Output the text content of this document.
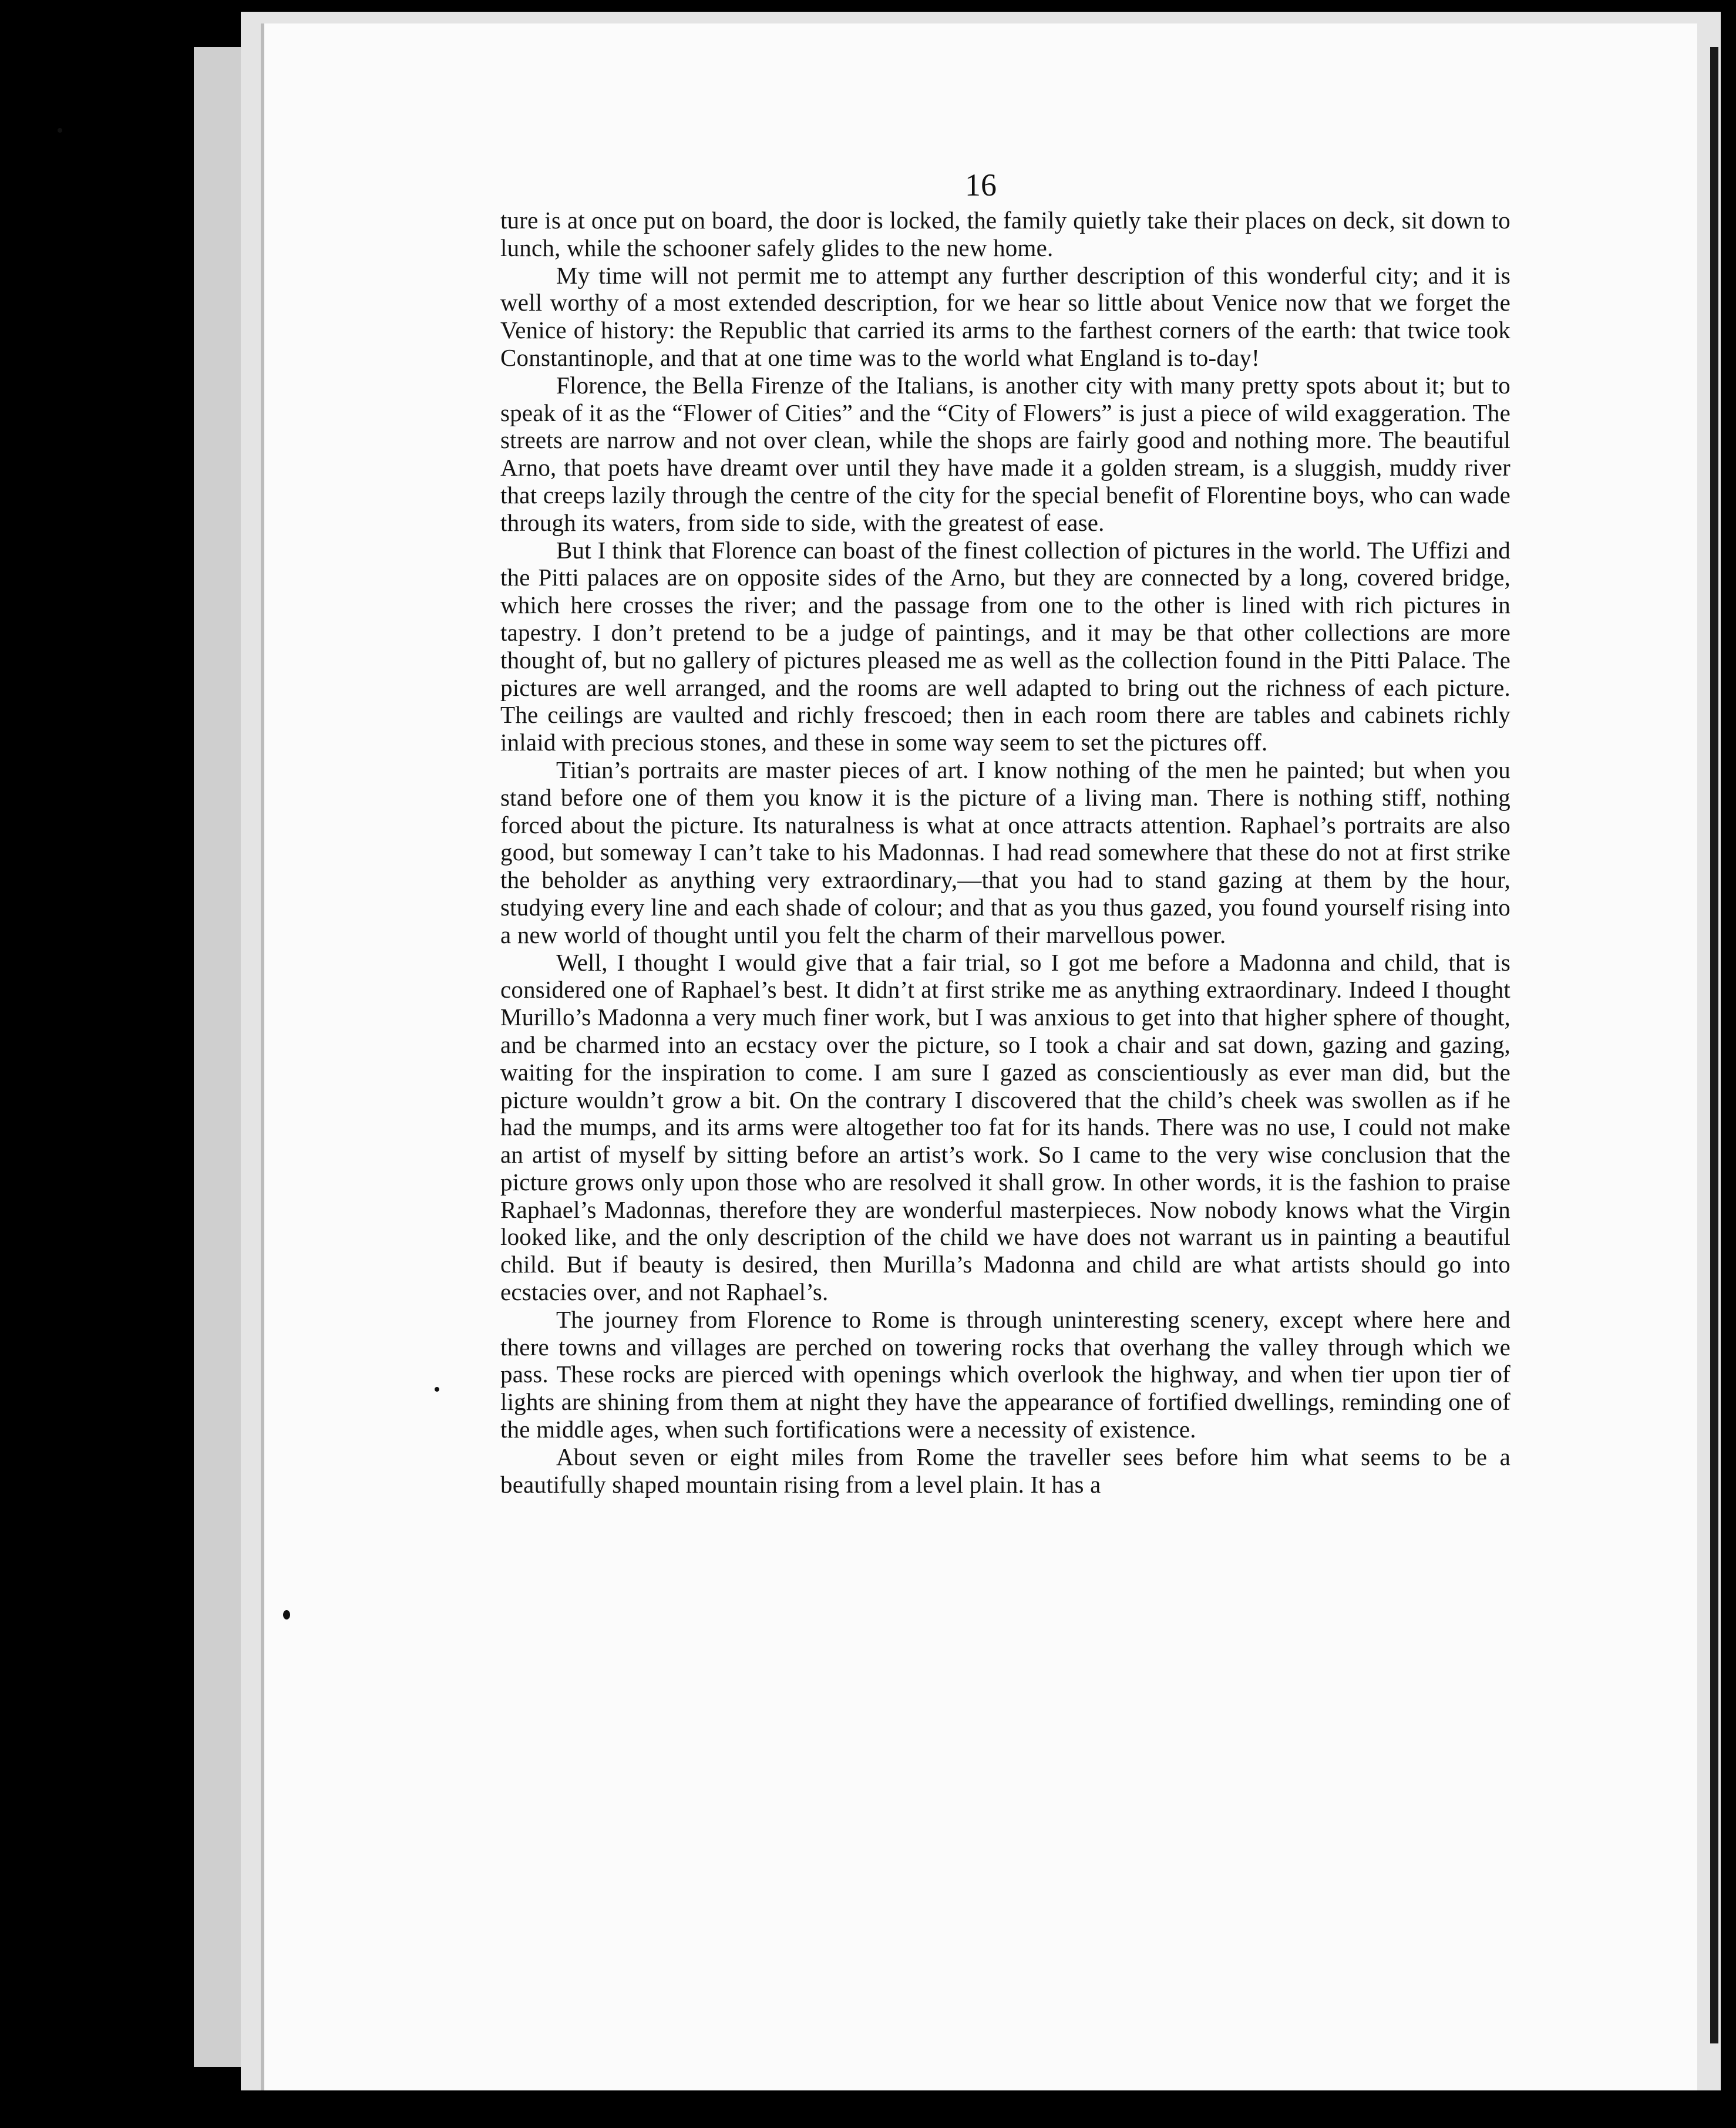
16

ture is at once put on board, the door is locked, the family quietly take their places on deck, sit down to lunch, while the schooner safely glides to the new home.

My time will not permit me to attempt any further description of this wonderful city; and it is well worthy of a most extended description, for we hear so little about Venice now that we forget the Venice of history: the Republic that carried its arms to the farthest corners of the earth: that twice took Constantinople, and that at one time was to the world what England is to-day!

Florence, the Bella Firenze of the Italians, is another city with many pretty spots about it; but to speak of it as the “Flower of Cities” and the “City of Flowers” is just a piece of wild exaggeration. The streets are narrow and not over clean, while the shops are fairly good and nothing more. The beautiful Arno, that poets have dreamt over until they have made it a golden stream, is a sluggish, muddy river that creeps lazily through the centre of the city for the special benefit of Florentine boys, who can wade through its waters, from side to side, with the greatest of ease.

But I think that Florence can boast of the finest collection of pictures in the world. The Uffizi and the Pitti palaces are on opposite sides of the Arno, but they are connected by a long, covered bridge, which here crosses the river; and the passage from one to the other is lined with rich pictures in tapestry. I don’t pretend to be a judge of paintings, and it may be that other collections are more thought of, but no gallery of pictures pleased me as well as the collection found in the Pitti Palace. The pictures are well arranged, and the rooms are well adapted to bring out the richness of each picture. The ceilings are vaulted and richly frescoed; then in each room there are tables and cabinets richly inlaid with precious stones, and these in some way seem to set the pictures off.

Titian’s portraits are master pieces of art. I know nothing of the men he painted; but when you stand before one of them you know it is the picture of a living man. There is nothing stiff, nothing forced about the picture. Its naturalness is what at once attracts attention. Raphael’s portraits are also good, but someway I can’t take to his Madonnas. I had read somewhere that these do not at first strike the beholder as anything very extraordinary,—that you had to stand gazing at them by the hour, studying every line and each shade of colour; and that as you thus gazed, you found yourself rising into a new world of thought until you felt the charm of their marvellous power.

Well, I thought I would give that a fair trial, so I got me before a Madonna and child, that is considered one of Raphael’s best. It didn’t at first strike me as anything extraordinary. Indeed I thought Murillo’s Madonna a very much finer work, but I was anxious to get into that higher sphere of thought, and be charmed into an ecstacy over the picture, so I took a chair and sat down, gazing and gazing, waiting for the inspiration to come. I am sure I gazed as conscientiously as ever man did, but the picture wouldn’t grow a bit. On the contrary I discovered that the child’s cheek was swollen as if he had the mumps, and its arms were altogether too fat for its hands. There was no use, I could not make an artist of myself by sitting before an artist’s work. So I came to the very wise conclusion that the picture grows only upon those who are resolved it shall grow. In other words, it is the fashion to praise Raphael’s Madonnas, therefore they are wonderful masterpieces. Now nobody knows what the Virgin looked like, and the only description of the child we have does not warrant us in painting a beautiful child. But if beauty is desired, then Murilla’s Madonna and child are what artists should go into ecstacies over, and not Raphael’s.

The journey from Florence to Rome is through uninteresting scenery, except where here and there towns and villages are perched on towering rocks that overhang the valley through which we pass. These rocks are pierced with openings which overlook the highway, and when tier upon tier of lights are shining from them at night they have the appearance of fortified dwellings, reminding one of the middle ages, when such fortifications were a necessity of existence.

About seven or eight miles from Rome the traveller sees before him what seems to be a beautifully shaped mountain rising from a level plain. It has a
